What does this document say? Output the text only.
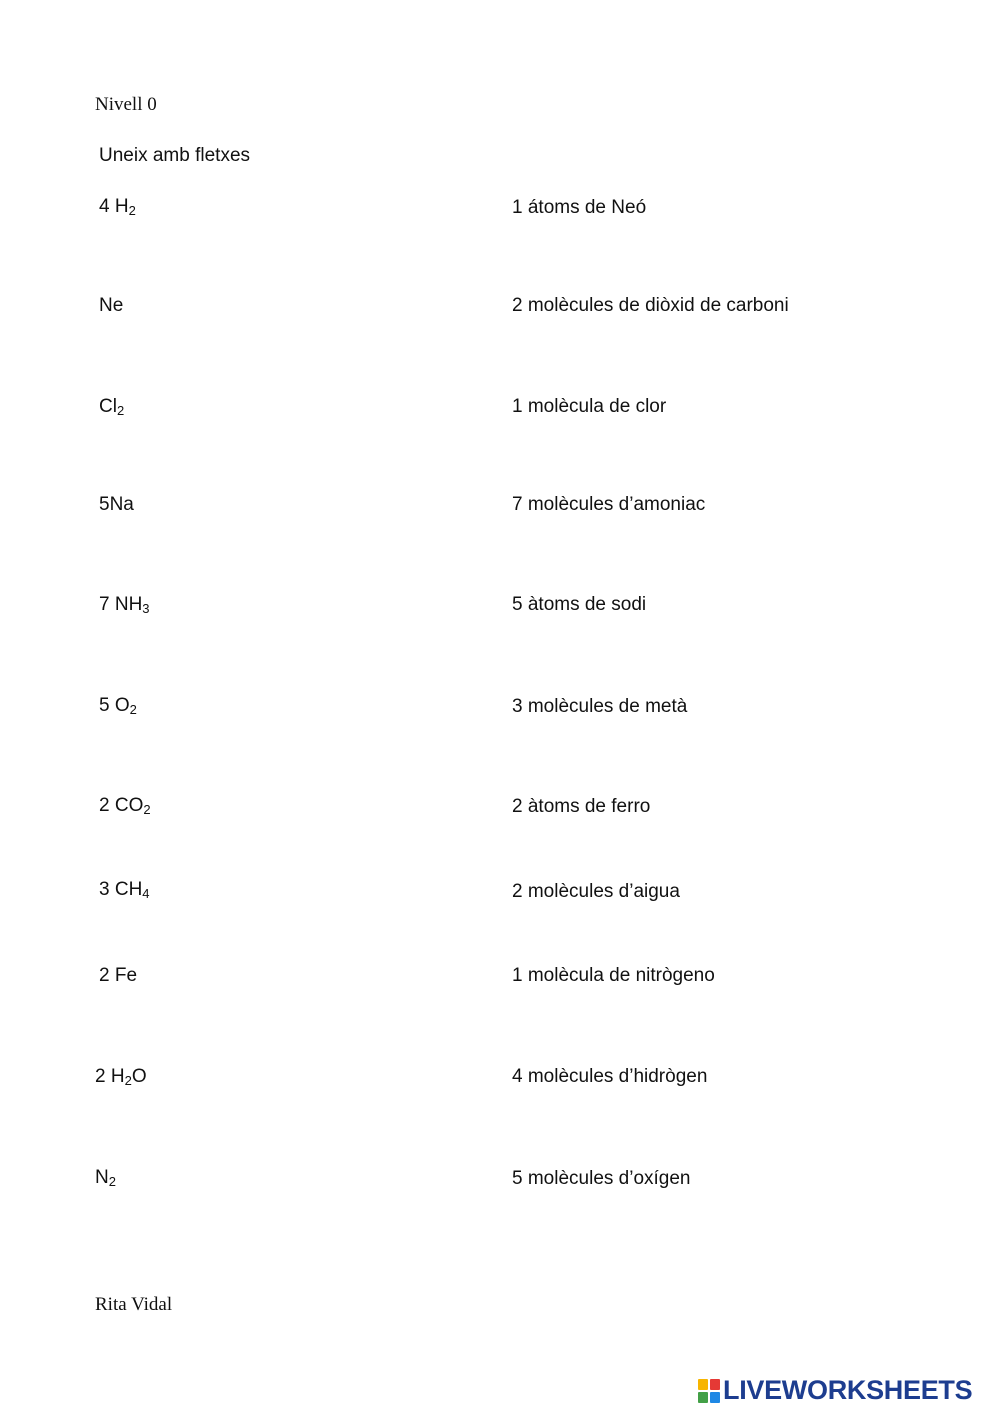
Nivell 0
Uneix amb fletxes
4 $H_2$
Ne
$Cl_2$
5Na
7 $NH_3$
5 $O_2$
2 $CO_2$
3 $CH_4$
2 Fe
2 $H_2O$
$N_2$
1 átoms de Neó
2 molècules de diòxid de carboni
1 molècula de clor
7 molècules d’amoniac
5 àtoms de sodi
3 molècules de metà
2 àtoms de ferro
2 molècules d’aigua
1 molècula de nitrògeno
4 molècules d’hidrògen
5 molècules d’oxígen
Rita Vidal
LIVEWORKSHEETS
